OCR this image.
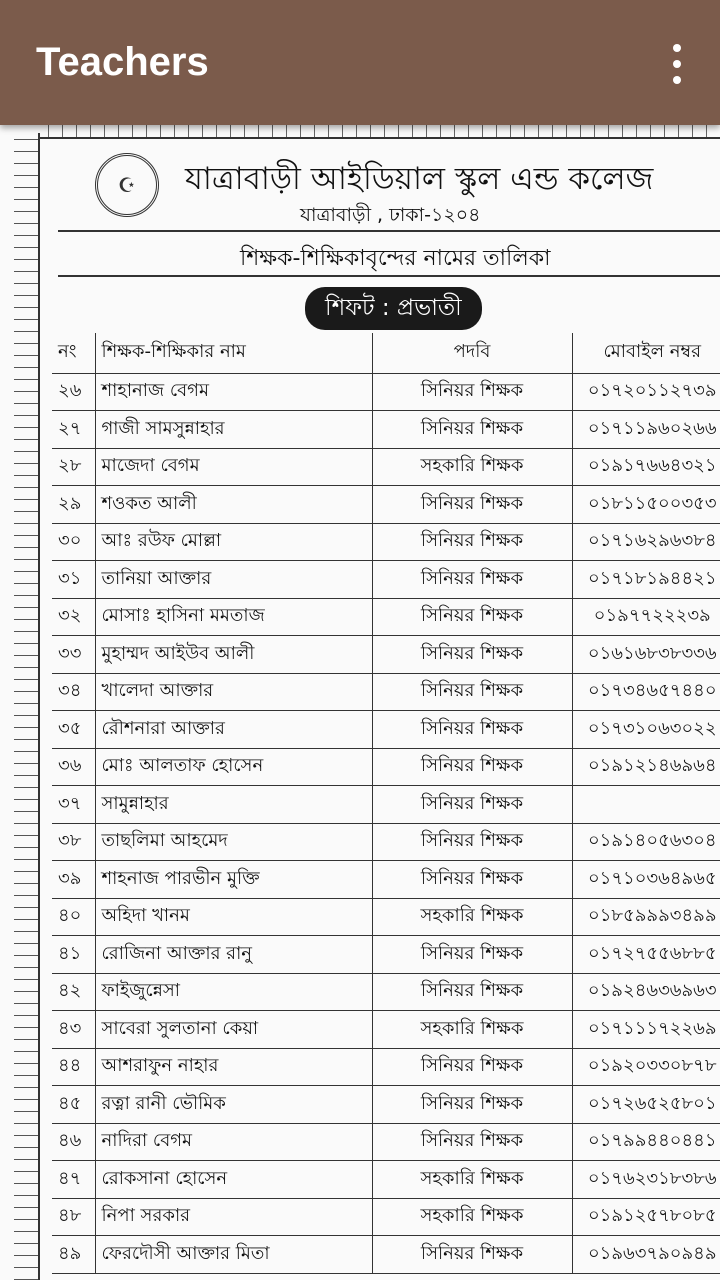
Teachers
☪	যাত্রাবাড়ী আইডিয়াল স্কুল এন্ড কলেজ
যাত্রাবাড়ী , ঢাকা-১২০৪
শিক্ষক-শিক্ষিকাবৃন্দের নামের তালিকা
শিফট : প্রভাতী
নং	শিক্ষক-শিক্ষিকার নাম	পদবি	মোবাইল নম্বর
২৬	শাহানাজ বেগম	সিনিয়র শিক্ষক	০১৭২০১১২৭৩৯
২৭	গাজী সামসুন্নাহার	সিনিয়র শিক্ষক	০১৭১১৯৬০২৬৬
২৮	মাজেদা বেগম	সহকারি শিক্ষক	০১৯১৭৬৬৪৩২১
২৯	শওকত আলী	সিনিয়র শিক্ষক	০১৮১১৫০০৩৫৩
৩০	আঃ রউফ মোল্লা	সিনিয়র শিক্ষক	০১৭১৬২৯৬৩৮৪
৩১	তানিয়া আক্তার	সিনিয়র শিক্ষক	০১৭১৮১৯৪৪২১
৩২	মোসাঃ হাসিনা মমতাজ	সিনিয়র শিক্ষক	০১৯৭৭২২২৩৯
৩৩	মুহাম্মদ আইউব আলী	সিনিয়র শিক্ষক	০১৬১৬৮৩৮৩৩৬
৩৪	খালেদা আক্তার	সিনিয়র শিক্ষক	০১৭৩৪৬৫৭৪৪০
৩৫	রৌশনারা আক্তার	সিনিয়র শিক্ষক	০১৭৩১০৬৩০২২
৩৬	মোঃ আলতাফ হোসেন	সিনিয়র শিক্ষক	০১৯১২১৪৬৯৬৪
৩৭	সামুন্নাহার	সিনিয়র শিক্ষক	
৩৮	তাছলিমা আহমেদ	সিনিয়র শিক্ষক	০১৯১৪০৫৬৩০৪
৩৯	শাহনাজ পারভীন মুক্তি	সিনিয়র শিক্ষক	০১৭১০৩৬৪৯৬৫
৪০	অহিদা খানম	সহকারি শিক্ষক	০১৮৫৯৯৯৩৪৯৯
৪১	রোজিনা আক্তার রানু	সিনিয়র শিক্ষক	০১৭২৭৫৫৬৮৮৫
৪২	ফাইজুন্নেসা	সিনিয়র শিক্ষক	০১৯২৪৬৩৬৯৬৩
৪৩	সাবেরা সুলতানা কেয়া	সহকারি শিক্ষক	০১৭১১১৭২২৬৯
৪৪	আশরাফুন নাহার	সিনিয়র শিক্ষক	০১৯২০৩৩০৮৭৮
৪৫	রত্না রানী ভৌমিক	সিনিয়র শিক্ষক	০১৭২৬৫২৫৮০১
৪৬	নাদিরা বেগম	সিনিয়র শিক্ষক	০১৭৯৯৪৪০৪৪১
৪৭	রোকসানা হোসেন	সহকারি শিক্ষক	০১৭৬২৩১৮৩৮৬
৪৮	নিপা সরকার	সহকারি শিক্ষক	০১৯১২৫৭৮০৮৫
৪৯	ফেরদৌসী আক্তার মিতা	সিনিয়র শিক্ষক	০১৯৬৩৭৯০৯৪৯
